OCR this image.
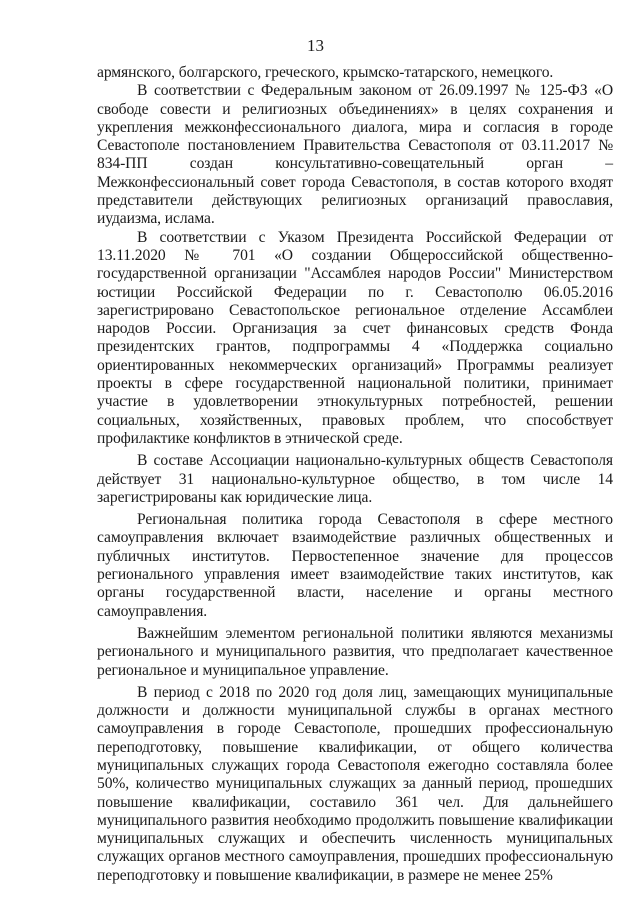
13

армянского, болгарского, греческого, крымско-татарского, немецкого.

В соответствии с Федеральным законом от 26.09.1997 № 125-ФЗ «О свободе совести и религиозных объединениях» в целях сохранения и укрепления межконфессионального диалога, мира и согласия в городе Севастополе постановлением Правительства Севастополя от 03.11.2017 № 834-ПП создан консультативно-совещательный орган – Межконфессиональный совет города Севастополя, в состав которого входят представители действующих религиозных организаций православия, иудаизма, ислама.

В соответствии с Указом Президента Российской Федерации от 13.11.2020 № 701 «О создании Общероссийской общественно-государственной организации "Ассамблея народов России" Министерством юстиции Российской Федерации по г. Севастополю 06.05.2016 зарегистрировано Севастопольское региональное отделение Ассамблеи народов России. Организация за счет финансовых средств Фонда президентских грантов, подпрограммы 4 «Поддержка социально ориентированных некоммерческих организаций» Программы реализует проекты в сфере государственной национальной политики, принимает участие в удовлетворении этнокультурных потребностей, решении социальных, хозяйственных, правовых проблем, что способствует профилактике конфликтов в этнической среде.

В составе Ассоциации национально-культурных обществ Севастополя действует 31 национально-культурное общество, в том числе 14 зарегистрированы как юридические лица.

Региональная политика города Севастополя в сфере местного самоуправления включает взаимодействие различных общественных и публичных институтов. Первостепенное значение для процессов регионального управления имеет взаимодействие таких институтов, как органы государственной власти, население и органы местного самоуправления.

Важнейшим элементом региональной политики являются механизмы регионального и муниципального развития, что предполагает качественное региональное и муниципальное управление.

В период с 2018 по 2020 год доля лиц, замещающих муниципальные должности и должности муниципальной службы в органах местного самоуправления в городе Севастополе, прошедших профессиональную переподготовку, повышение квалификации, от общего количества муниципальных служащих города Севастополя ежегодно составляла более 50%, количество муниципальных служащих за данный период, прошедших повышение квалификации, составило 361 чел. Для дальнейшего муниципального развития необходимо продолжить повышение квалификации муниципальных служащих и обеспечить численность муниципальных служащих органов местного самоуправления, прошедших профессиональную переподготовку и повышение квалификации, в размере не менее 25%
